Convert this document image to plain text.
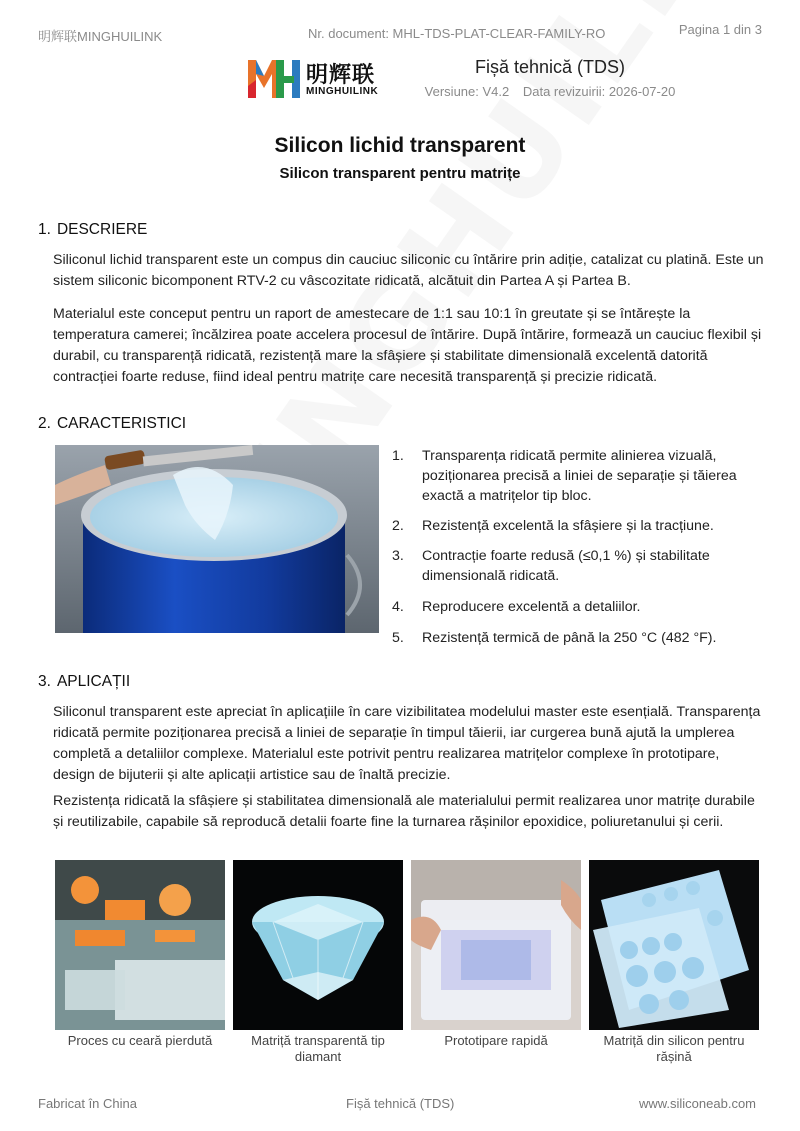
明辉联MINGHUILINK	Nr. document: MHL-TDS-PLAT-CLEAR-FAMILY-RO	Pagina 1 din 3
明辉联
MINGHUILINK
Fișă tehnică (TDS)
Versiune: V4.2 Data revizuirii: 2026-07-20
Silicon lichid transparent
Silicon transparent pentru matrițe
1. DESCRIERE
Siliconul lichid transparent este un compus din cauciuc siliconic cu întărire prin adiție, catalizat cu platină. Este un sistem siliconic bicomponent RTV-2 cu vâscozitate ridicată, alcătuit din Partea A și Partea B.
Materialul este conceput pentru un raport de amestecare de 1:1 sau 10:1 în greutate și se întărește la temperatura camerei; încălzirea poate accelera procesul de întărire. După întărire, formează un cauciuc flexibil și durabil, cu transparență ridicată, rezistență mare la sfâșiere și stabilitate dimensională excelentă datorită contracției foarte reduse, fiind ideal pentru matrițe care necesită transparență și precizie ridicată.
2. CARACTERISTICI
1. Transparența ridicată permite alinierea vizuală, poziționarea precisă a liniei de separație și tăierea exactă a matrițelor tip bloc.
2. Rezistență excelentă la sfâșiere și la tracțiune.
3. Contracție foarte redusă (≤0,1 %) și stabilitate dimensională ridicată.
4. Reproducere excelentă a detaliilor.
5. Rezistență termică de până la 250 °C (482 °F).
3. APLICAȚII
Siliconul transparent este apreciat în aplicațiile în care vizibilitatea modelului master este esențială. Transparența ridicată permite poziționarea precisă a liniei de separație în timpul tăierii, iar curgerea bună ajută la umplerea completă a detaliilor complexe. Materialul este potrivit pentru realizarea matrițelor complexe în prototipare, design de bijuterii și alte aplicații artistice sau de înaltă precizie.
Rezistența ridicată la sfâșiere și stabilitatea dimensională ale materialului permit realizarea unor matrițe durabile și reutilizabile, capabile să reproducă detalii foarte fine la turnarea rășinilor epoxidice, poliuretanului și cerii.
Proces cu ceară pierdută	Matriță transparentă tip diamant
Prototipare rapidă	Matriță din silicon pentru rășină
Fabricat în China	Fișă tehnică (TDS)	www.siliconeab.com
